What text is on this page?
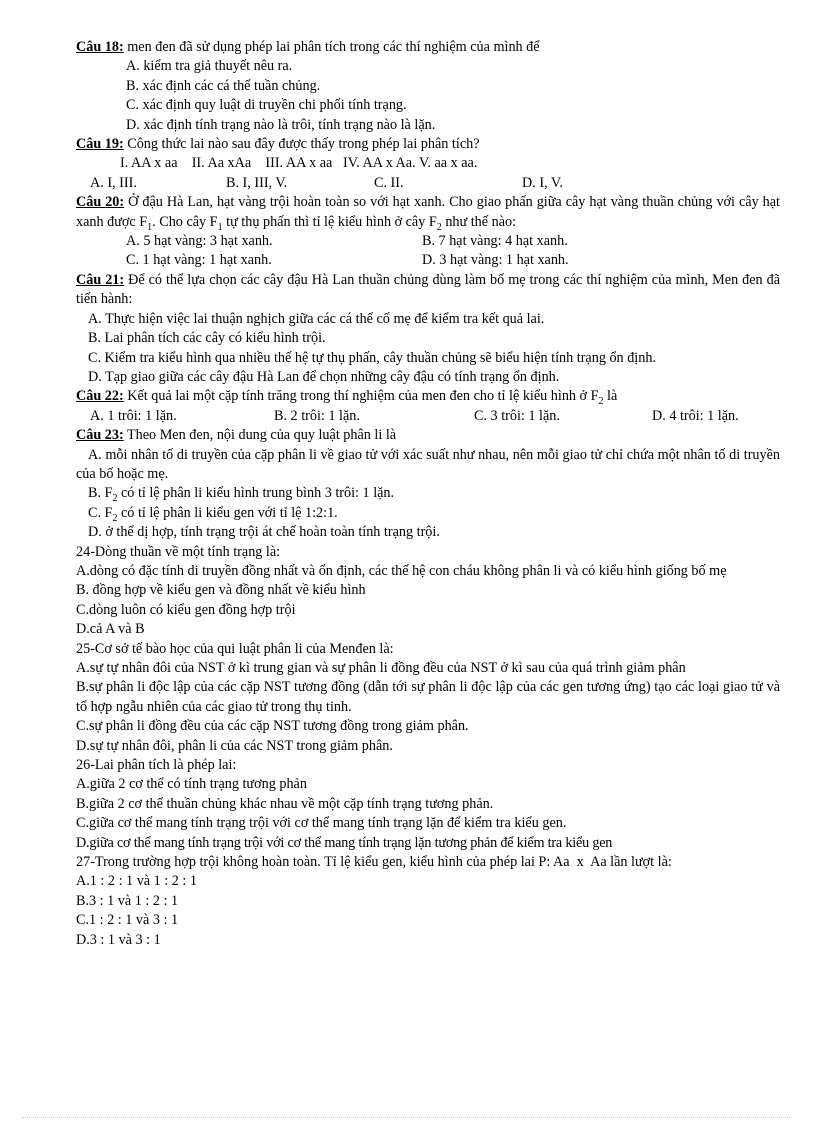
Câu 18: men đen đã sử dụng phép lai phân tích trong các thí nghiệm của mình để
A. kiểm tra giả thuyết nêu ra.
B. xác định các cá thể tuần chủng.
C. xác định quy luật di truyền chi phối tính trạng.
D. xác định tính trạng nào là trôi, tính trạng nào là lặn.
Câu 19: Công thức lai nào sau đây được thấy trong phép lai phân tích?
I. AA x aa    II. Aa xAa    III. AA x aa   IV. AA x Aa. V. aa x aa.
A. I, III.	B. I, III, V.	C. II.	D. I, V.
Câu 20: Ở đậu Hà Lan, hạt vàng trội hoàn toàn so với hạt xanh. Cho giao phấn giữa cây hạt vàng thuần chủng với cây hạt xanh được $F_1$. Cho cây $F_1$ tự thụ phấn thì tỉ lệ kiểu hình ở cây $F_2$ như thế nào:
A. 5 hạt vàng: 3 hạt xanh.	B. 7 hạt vàng: 4 hạt xanh.
C. 1 hạt vàng: 1 hạt xanh.	D. 3 hạt vàng: 1 hạt xanh.
Câu 21: Để có thể lựa chọn các cây đậu Hà Lan thuần chủng dùng làm bố mẹ trong các thí nghiệm của mình, Men đen đã tiến hành:
A. Thực hiện việc lai thuận nghịch giữa các cá thể cố mẹ để kiểm tra kết quả lai.
B. Lai phân tích các cây có kiểu hình trội.
C. Kiểm tra kiểu hình qua nhiều thế hệ tự thụ phấn, cây thuần chủng sẽ biểu hiện tính trạng ổn định.
D. Tạp giao giữa các cây đậu Hà Lan để chọn những cây đậu có tính trạng ổn định.
Câu 22: Kết quả lai một cặp tính trăng trong thí nghiệm của men đen cho tỉ lệ kiểu hình ở $F_2$ là
A. 1 trôi: 1 lặn.	B. 2 trôi: 1 lặn.	C. 3 trôi: 1 lặn.	D. 4 trôi: 1 lặn.
Câu 23: Theo Men đen, nội dung của quy luật phân li là
A. mỗi nhân tố di truyền của cặp phân li về giao tử với xác suất như nhau, nên mỗi giao tử chỉ chứa một nhân tố di truyền của bố hoặc mẹ.
B. $F_2$ có tỉ lệ phân li kiểu hình trung bình 3 trôi: 1 lặn.
C. $F_2$ có tỉ lệ phân li kiểu gen với tỉ lệ 1:2:1.
D. ở thể dị hợp, tính trạng trội át chế hoàn toàn tính trạng trội.
24-Dòng thuần về một tính trạng là:
A.dòng có đặc tính di truyền đồng nhất và ổn định, các thế hệ con cháu không phân li và có kiểu hình giống bố mẹ
B. đồng hợp về kiểu gen và đồng nhất về kiểu hình
C.dòng luôn có kiểu gen đồng hợp trội
D.cả A và B
25-Cơ sở tế bào học của qui luật phân li của Menđen là:
A.sự tự nhân đôi của NST ở kì trung gian và sự phân li đồng đều của NST ở kì sau của quá trình giảm phân
B.sự phân li độc lập của các cặp NST tương đồng (dẫn tới sự phân li độc lập của các gen tương ứng) tạo các loại giao tử và tổ hợp ngẫu nhiên của các giao tử trong thụ tinh.
C.sự phân li đồng đều của các cặp NST tương đồng trong giảm phân.
D.sự tự nhân đôi, phân li của các NST trong giảm phân.
26-Lai phân tích là phép lai:
A.giữa 2 cơ thể có tính trạng tương phản
B.giữa 2 cơ thể thuần chủng khác nhau về một cặp tính trạng tương phản.
C.giữa cơ thể mang tính trạng trội với cơ thể mang tính trạng lặn để kiểm tra kiểu gen.
D.giữa cơ thể mang tính trạng trội với cơ thể mang tính trạng lặn tương phản để kiểm tra kiểu gen
27-Trong trường hợp trội không hoàn toàn. Tỉ lệ kiểu gen, kiểu hình của phép lai P: Aa  x  Aa lần lượt là:
A.1 : 2 : 1 và 1 : 2 : 1
B.3 : 1 và 1 : 2 : 1
C.1 : 2 : 1 và 3 : 1
D.3 : 1 và 3 : 1
